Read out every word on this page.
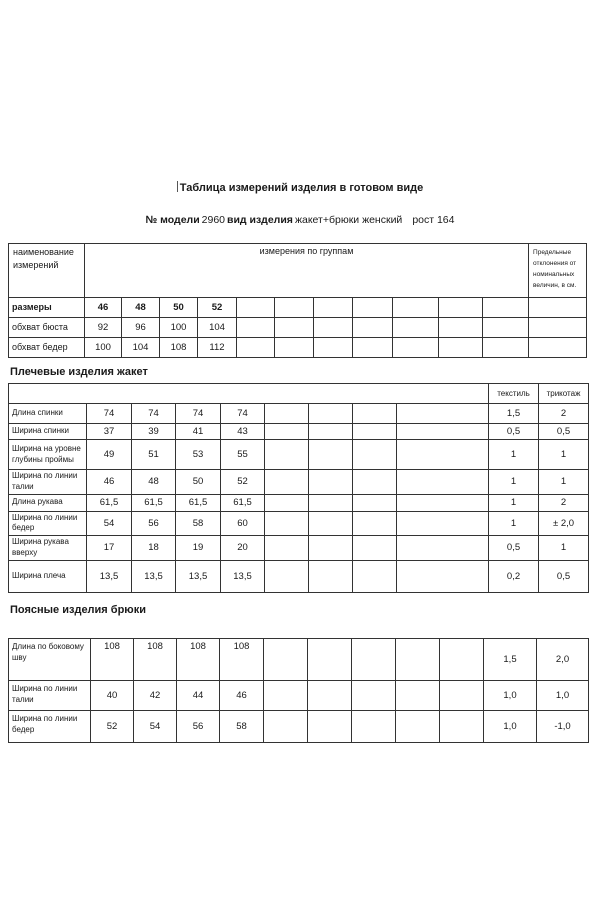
Таблица измерений изделия в готовом виде
№ модели 2960 вид изделия жакет+брюки женский рост 164
наименование измерений	измерения по группам											Предельные отклонения от номинальных величин, в см.
размеры	46	48	50	52								
обхват бюста	92	96	100	104								
обхват бедер	100	104	108	112								
Плечевые изделия жакет
									текстиль	трикотаж
Длина спинки	74	74	74	74					1,5	2
Ширина спинки	37	39	41	43					0,5	0,5
Ширина на уровне глубины проймы	49	51	53	55					1	1
Ширина по линии талии	46	48	50	52					1	1
Длина рукава	61,5	61,5	61,5	61,5					1	2
Ширина по линии бедер	54	56	58	60					1	± 2,0
Ширина рукава вверху	17	18	19	20					0,5	1
Ширина плеча	13,5	13,5	13,5	13,5					0,2	0,5
Поясные изделия брюки
Длина по боковому шву	108	108	108	108						1,5	2,0
Ширина по линии талии	40	42	44	46						1,0	1,0
Ширина по линии бедер	52	54	56	58						1,0	-1,0
